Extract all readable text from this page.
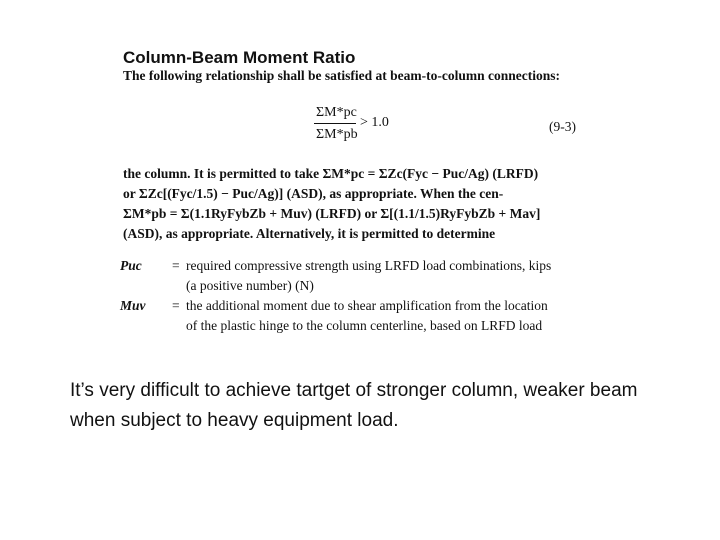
Column-Beam Moment Ratio
The following relationship shall be satisfied at beam-to-column connections:
ΣM*pc
ΣM*pb
> 1.0	(9-3)
the column. It is permitted to take ΣM*pc = ΣZc(Fyc − Puc/Ag) (LRFD)
or ΣZc[(Fyc/1.5) − Puc/Ag)] (ASD), as appropriate. When the cen-
ΣM*pb = Σ(1.1RyFybZb + Muv) (LRFD) or Σ[(1.1/1.5)RyFybZb + Mav]
(ASD), as appropriate. Alternatively, it is permitted to determine
Puc	= required compressive strength using LRFD load combinations, kips
(a positive number) (N)
Muv	= the additional moment due to shear amplification from the location
of the plastic hinge to the column centerline, based on LRFD load
It’s very difficult to achieve tartget of stronger column, weaker beam when subject to heavy equipment load.
